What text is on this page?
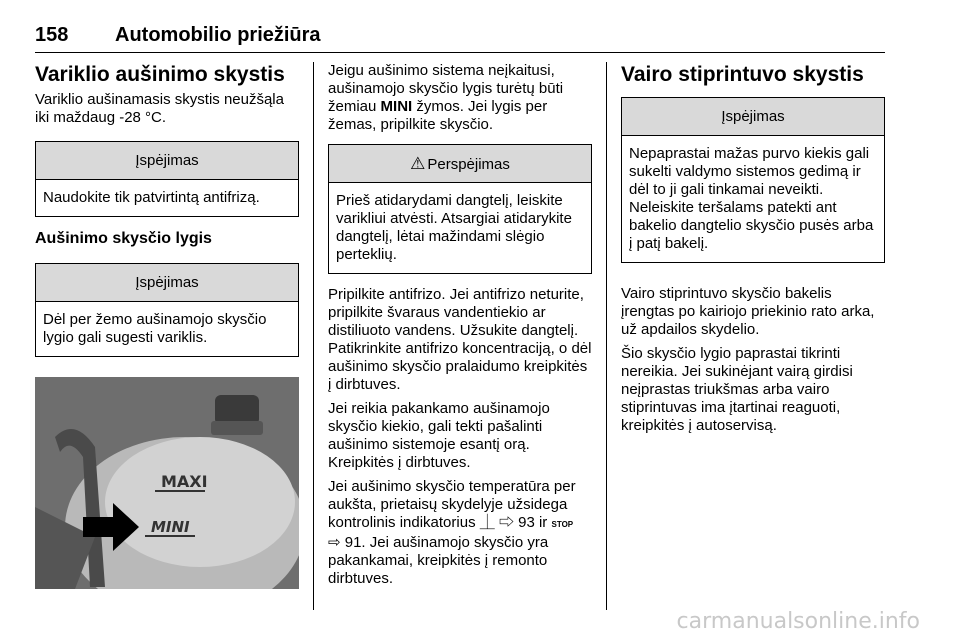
158 Automobilio priežiūra
Variklio aušinimo skystis

Variklio aušinamasis skystis neužšąla iki maždaug -28 °C.

Įspėjimas
Naudokite tik patvirtintą antifrizą.
Aušinimo skysčio lygis
Įspėjimas
Dėl per žemo aušinamojo skysčio lygio gali sugesti variklis.
MAXI
MINI

Jeigu aušinimo sistema neįkaitusi, aušinamojo skysčio lygis turėtų būti žemiau MINI žymos. Jei lygis per žemas, pripilkite skysčio.

⚠ Perspėjimas
Prieš atidarydami dangtelį, leiskite varikliui atvėsti. Atsargiai atidarykite dangtelį, lėtai mažindami slėgio perteklių.

Pripilkite antifrizo. Jei antifrizo neturite, pripilkite švaraus vandentiekio ar distiliuoto vandens. Užsukite dangtelį. Patikrinkite antifrizo koncentraciją, o dėl aušinimo skysčio pralaidumo kreipkitės į dirbtuves.

Jei reikia pakankamo aušinamojo skysčio kiekio, gali tekti pašalinti aušinimo sistemoje esantį orą. Kreipkitės į dirbtuves.

Jei aušinimo skysčio temperatūra per aukšta, prietaisų skydelyje užsidega kontrolinis indikatorius ⏊ ⇨ 93 ir STOP
⇨ 91. Jei aušinamojo skysčio yra pakankamai, kreipkitės į remonto dirbtuves.

Vairo stiprintuvo skystis
Įspėjimas
Nepaprastai mažas purvo kiekis gali sukelti valdymo sistemos gedimą ir dėl to ji gali tinkamai neveikti. Neleiskite teršalams patekti ant bakelio dangtelio skysčio pusės arba į patį bakelį.

Vairo stiprintuvo skysčio bakelis įrengtas po kairiojo priekinio rato arka, už apdailos skydelio.

Šio skysčio lygio paprastai tikrinti nereikia. Jei sukinėjant vairą girdisi neįprastas triukšmas arba vairo stiprintuvas ima įtartinai reaguoti, kreipkitės į autoservisą.

carmanualsonline.info
